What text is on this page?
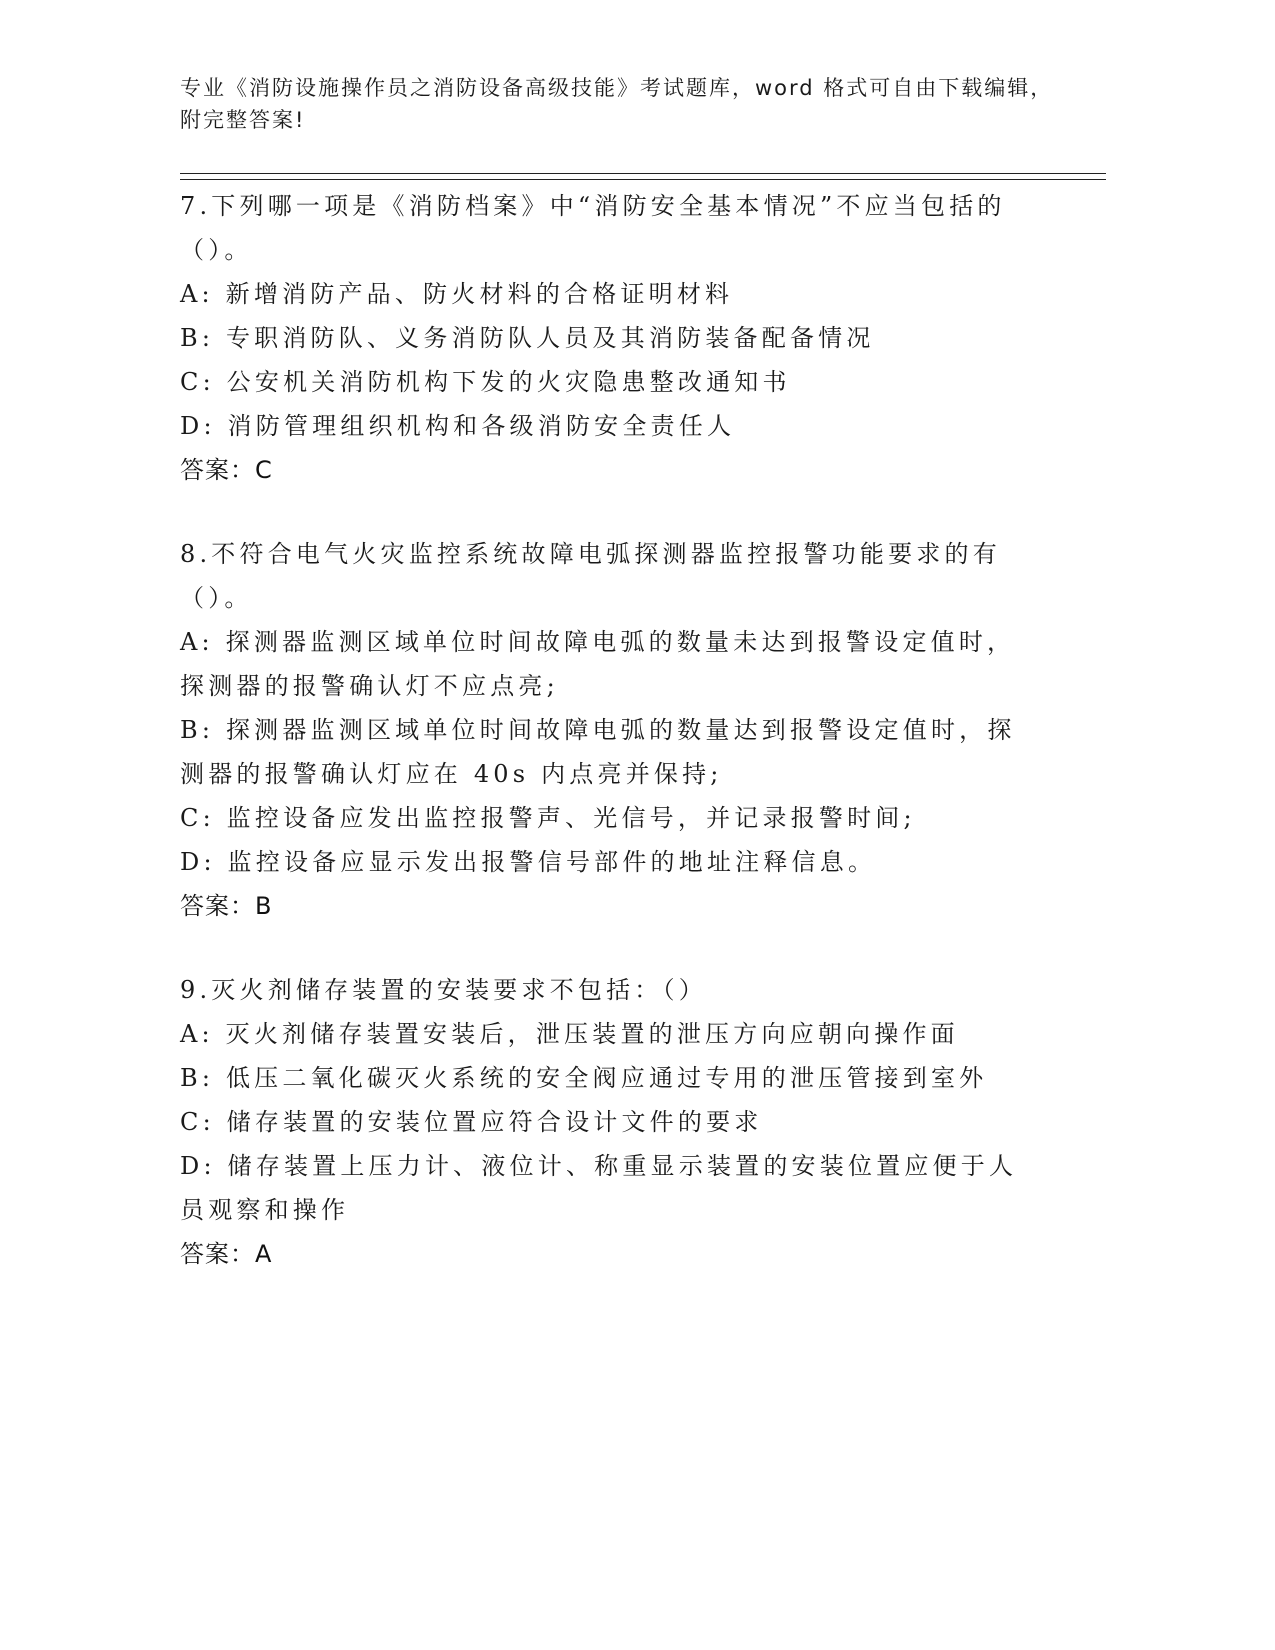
专业《消防设施操作员之消防设备高级技能》考试题库，word 格式可自由下载编辑，附完整答案!

7.下列哪一项是《消防档案》中“消防安全基本情况”不应当包括的（）。

A: 新增消防产品、防火材料的合格证明材料

B: 专职消防队、义务消防队人员及其消防装备配备情况

C: 公安机关消防机构下发的火灾隐患整改通知书

D: 消防管理组织机构和各级消防安全责任人

答案：C

8.不符合电气火灾监控系统故障电弧探测器监控报警功能要求的有（）。

A: 探测器监测区域单位时间故障电弧的数量未达到报警设定值时，探测器的报警确认灯不应点亮;

B: 探测器监测区域单位时间故障电弧的数量达到报警设定值时，探测器的报警确认灯应在 40s 内点亮并保持;

C: 监控设备应发出监控报警声、光信号，并记录报警时间;

D: 监控设备应显示发出报警信号部件的地址注释信息。

答案：B

9.灭火剂储存装置的安装要求不包括：（）

A: 灭火剂储存装置安装后，泄压装置的泄压方向应朝向操作面

B: 低压二氧化碳灭火系统的安全阀应通过专用的泄压管接到室外

C: 储存装置的安装位置应符合设计文件的要求

D: 储存装置上压力计、液位计、称重显示装置的安装位置应便于人员观察和操作

答案：A
